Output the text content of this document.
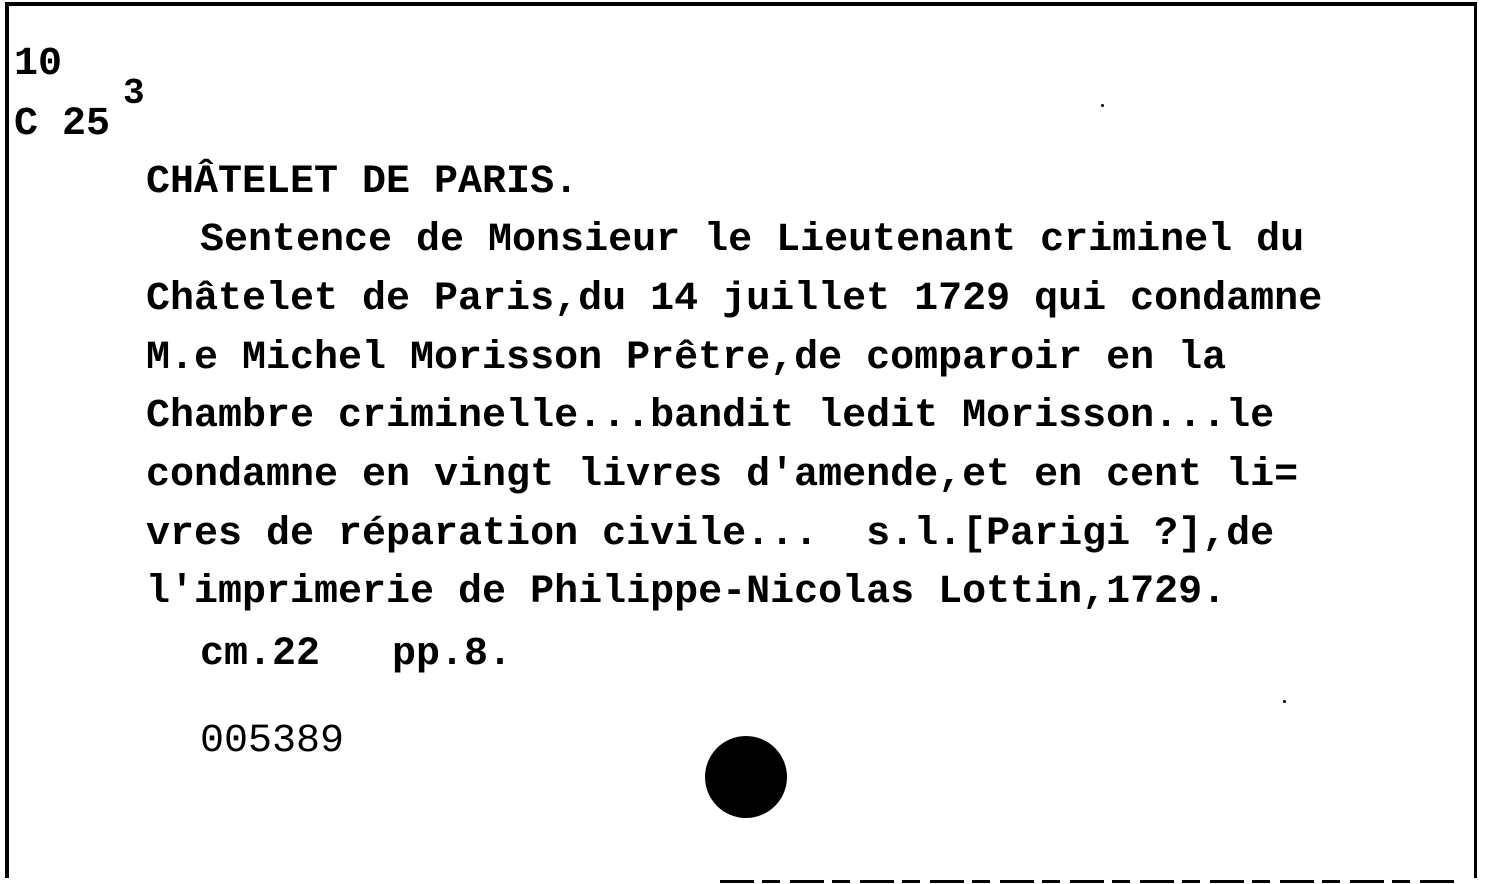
10
C 25
3
CHÂTELET DE PARIS.
Sentence de Monsieur le Lieutenant criminel du
Châtelet de Paris,du 14 juillet 1729 qui condamne
M.e Michel Morisson Prêtre,de comparoir en la
Chambre criminelle...bandit ledit Morisson...le
condamne en vingt livres d'amende,et en cent li=
vres de réparation civile...  s.l.[Parigi ?],de
l'imprimerie de Philippe-Nicolas Lottin,1729.
cm.22   pp.8.
005389
